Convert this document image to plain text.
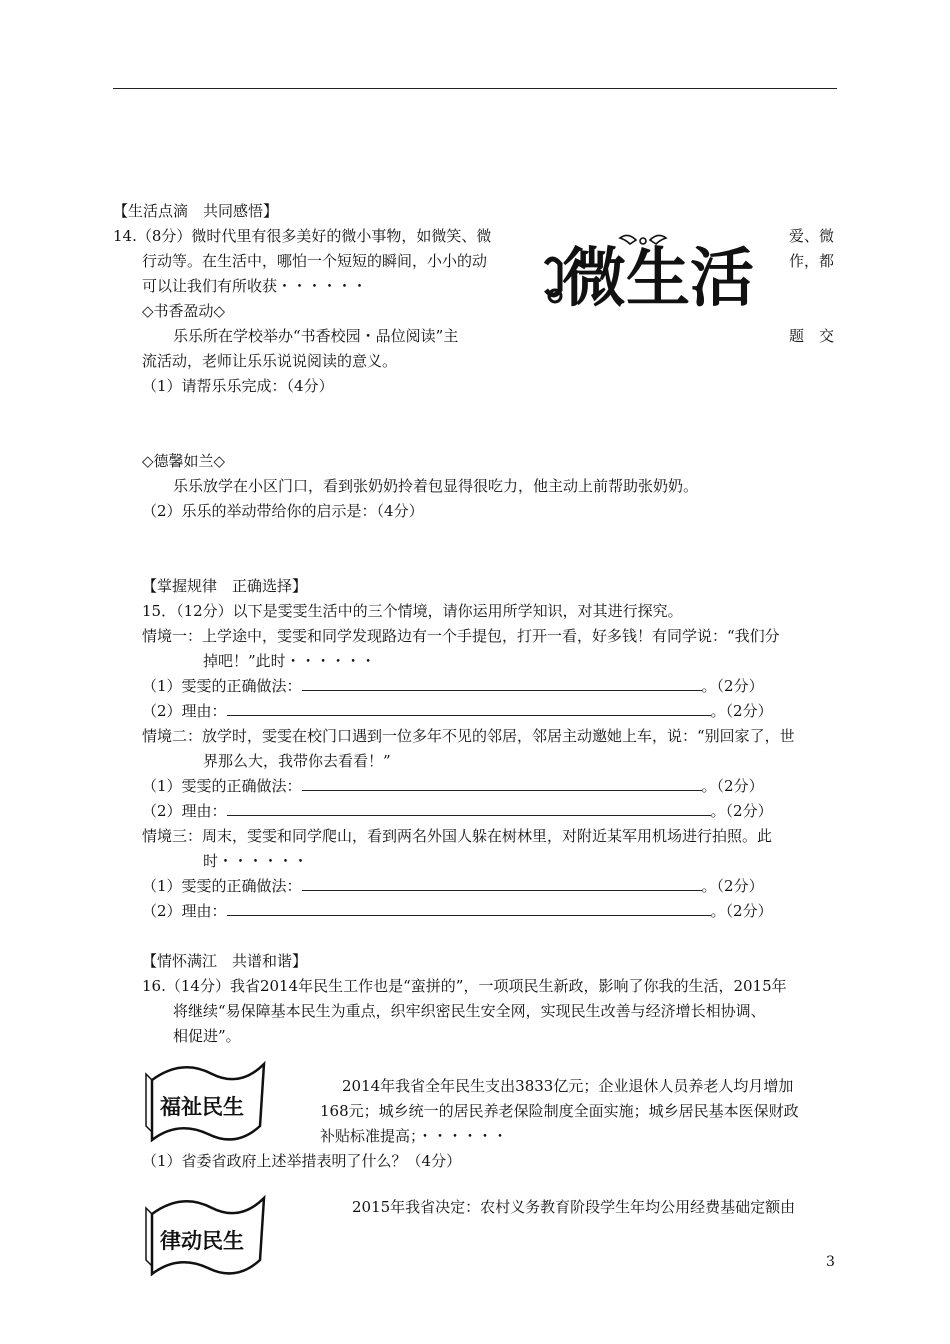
【生活点滴　共同感悟】
14.（8分）微时代里有很多美好的微小事物，如微笑、微	爱、微
行动等。在生活中，哪怕一个短短的瞬间，小小的动	作，都
可以让我们有所收获・・・・・・	微生活
◇书香盈动◇
乐乐所在学校举办“书香校园・品位阅读”主	题　交
流活动，老师让乐乐说说阅读的意义。
（1）请帮乐乐完成：（4分）
◇德馨如兰◇
乐乐放学在小区门口，看到张奶奶拎着包显得很吃力，他主动上前帮助张奶奶。
（2）乐乐的举动带给你的启示是：（4分）
【掌握规律　正确选择】
15．（12分）以下是雯雯生活中的三个情境，请你运用所学知识，对其进行探究。
情境一：上学途中，雯雯和同学发现路边有一个手提包，打开一看，好多钱！有同学说：“我们分
掉吧！”此时・・・・・・
（1）雯雯的正确做法：	。（2分）
（2）理由：	。（2分）
情境二：放学时，雯雯在校门口遇到一位多年不见的邻居，邻居主动邀她上车，说：“别回家了，世
界那么大，我带你去看看！”
（1）雯雯的正确做法：	。（2分）
（2）理由：	。（2分）
情境三：周末，雯雯和同学爬山，看到两名外国人躲在树林里，对附近某军用机场进行拍照。此
时・・・・・・
（1）雯雯的正确做法：	。（2分）
（2）理由：	。（2分）
【情怀满江　共谱和谐】
16.（14分）我省2014年民生工作也是“蛮拼的”，一项项民生新政，影响了你我的生活，2015年
将继续“易保障基本民生为重点，织牢织密民生安全网，实现民生改善与经济增长相协调、
相促进”。
福祉民生
2014年我省全年民生支出3833亿元；企业退休人员养老人均月增加
168元；城乡统一的居民养老保险制度全面实施；城乡居民基本医保财政
补贴标准提高；・・・・・・
（1）省委省政府上述举措表明了什么？（4分）
律动民生
2015年我省决定：农村义务教育阶段学生年均公用经费基础定额由
3
